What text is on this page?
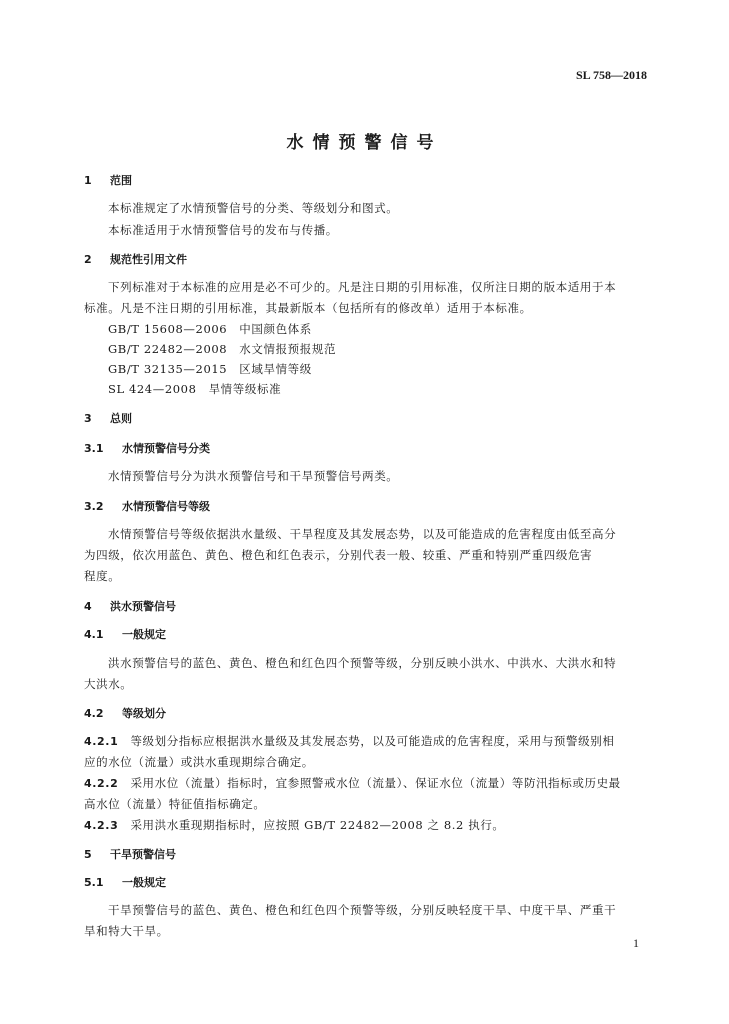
SL 758—2018
水情预警信号
1 范围
本标准规定了水情预警信号的分类、等级划分和图式。
本标准适用于水情预警信号的发布与传播。
2 规范性引用文件
下列标准对于本标准的应用是必不可少的。凡是注日期的引用标准，仅所注日期的版本适用于本
标准。凡是不注日期的引用标准，其最新版本（包括所有的修改单）适用于本标准。
GB/T 15608—2006　中国颜色体系
GB/T 22482—2008　水文情报预报规范
GB/T 32135—2015　区域旱情等级
SL 424—2008　旱情等级标准
3 总则
3.1 水情预警信号分类
水情预警信号分为洪水预警信号和干旱预警信号两类。
3.2 水情预警信号等级
水情预警信号等级依据洪水量级、干旱程度及其发展态势，以及可能造成的危害程度由低至高分
为四级，依次用蓝色、黄色、橙色和红色表示，分别代表一般、较重、严重和特别严重四级危害
程度。
4 洪水预警信号
4.1 一般规定
洪水预警信号的蓝色、黄色、橙色和红色四个预警等级，分别反映小洪水、中洪水、大洪水和特
大洪水。
4.2 等级划分
4.2.1　 等级划分指标应根据洪水量级及其发展态势，以及可能造成的危害程度，采用与预警级别相
应的水位（流量）或洪水重现期综合确定。
4.2.2　 采用水位（流量）指标时，宜参照警戒水位（流量）、保证水位（流量）等防汛指标或历史最
高水位（流量）特征值指标确定。
4.2.3　 采用洪水重现期指标时，应按照 GB/T 22482—2008 之 8.2 执行。
5 干旱预警信号
5.1 一般规定
干旱预警信号的蓝色、黄色、橙色和红色四个预警等级，分别反映轻度干旱、中度干旱、严重干
旱和特大干旱。
1
